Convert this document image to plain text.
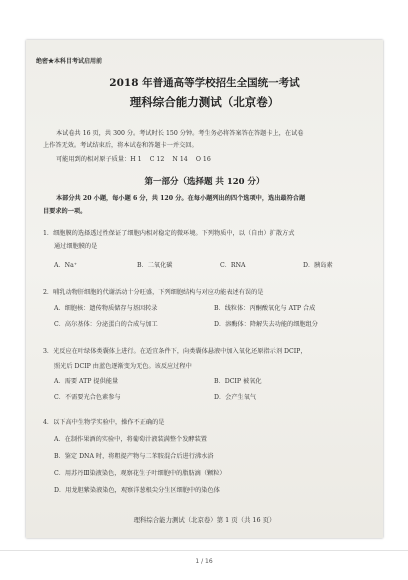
绝密★本科目考试启用前
2018 年普通高等学校招生全国统一考试
理科综合能力测试（北京卷）
本试卷共 16 页，共 300 分。考试时长 150 分钟。考生务必将答案答在答题卡上，在试卷
上作答无效。考试结束后，将本试卷和答题卡一并交回。
可能用到的相对原子质量：H 1　 C 12　 N 14　 O 16
第一部分（选择题 共 120 分）
本部分共 20 小题，每小题 6 分，共 120 分。在每小题列出的四个选项中，选出最符合题
目要求的一项。
1．细胞膜的选择透过性保证了细胞内相对稳定的微环境。下列物质中，以（自由）扩散方式
通过细胞膜的是
A．Na⁺	B．二氧化碳	C．RNA	D．胰岛素
2．哺乳动物肝细胞的代谢活动十分旺盛，下列细胞结构与对应功能表述有误的是
A．细胞核：遗传物质储存与基因转录	B．线粒体：丙酮酸氧化与 ATP 合成
C．高尔基体：分泌蛋白的合成与加工	D．溶酶体：降解失去功能的细胞组分
3．光反应在叶绿体类囊体上进行。在适宜条件下，向类囊体悬液中加入氧化还原指示剂 DCIP，
照光后 DCIP 由蓝色逐渐变为无色。该反应过程中
A．需要 ATP 提供能量	B．DCIP 被氧化
C．不需要光合色素参与	D．会产生氧气
4．以下高中生物学实验中，操作不正确的是
A．在制作果酒的实验中，将葡萄汁液装满整个发酵装置
B．鉴定 DNA 时，将粗提产物与二苯胺混合后进行沸水浴
C．用苏丹Ⅲ染液染色，观察花生子叶细胞中的脂肪滴（颗粒）
D．用龙胆紫染液染色，观察洋葱根尖分生区细胞中的染色体
理科综合能力测试（北京卷）第 1 页（共 16 页）
1 / 16
